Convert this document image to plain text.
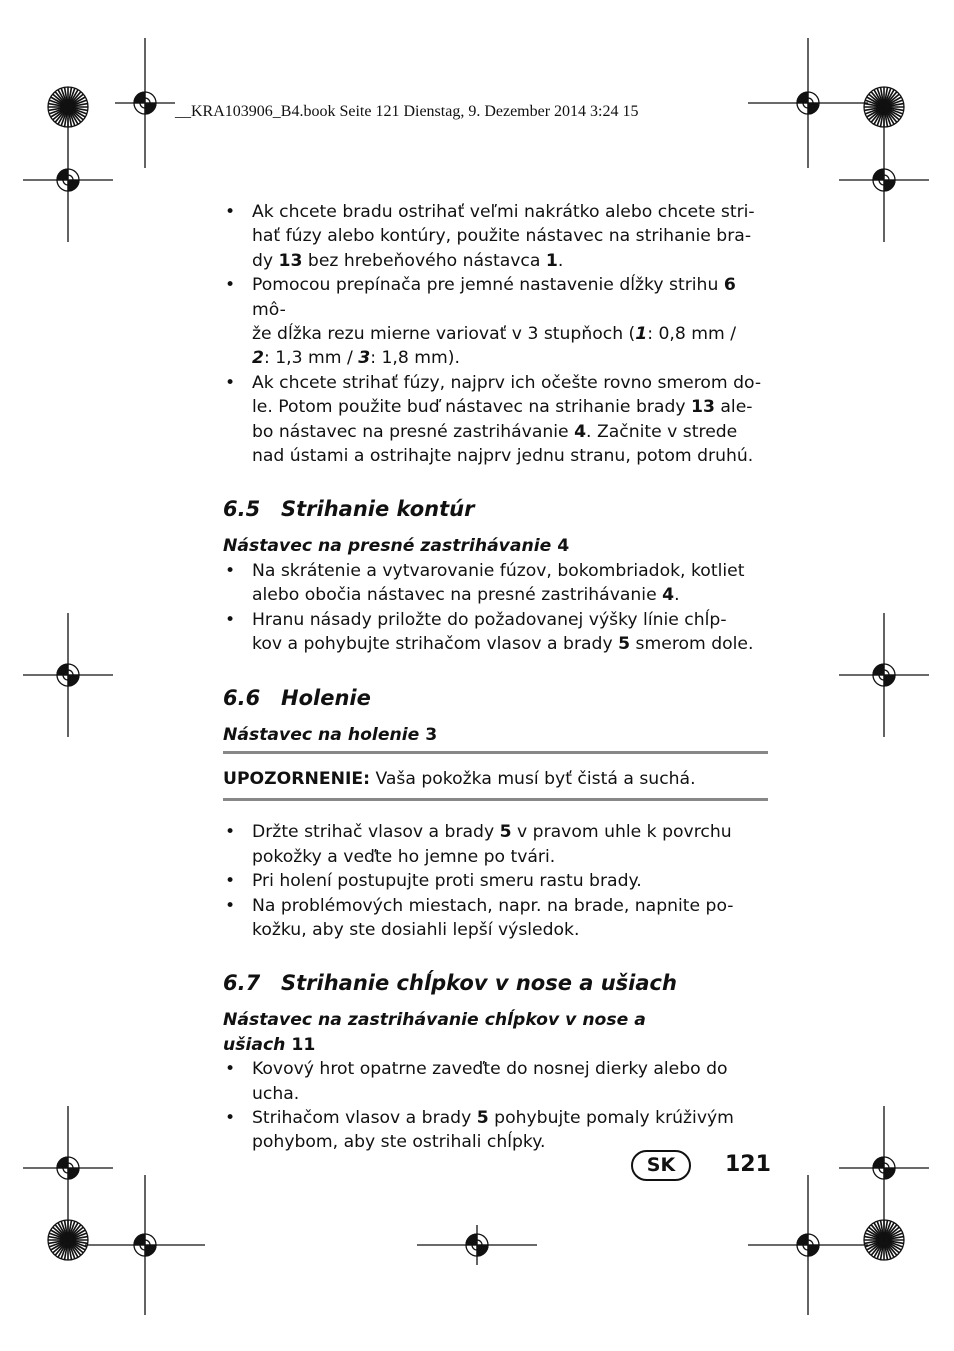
__KRA103906_B4.book Seite 121 Dienstag, 9. Dezember 2014 3:24 15
• Ak chcete bradu ostrihať veľmi nakrátko alebo chcete stri-
hať fúzy alebo kontúry, použite nástavec na strihanie bra-
dy 13 bez hrebeňového nástavca 1.
• Pomocou prepínača pre jemné nastavenie dĺžky strihu 6 mô-
že dĺžka rezu mierne variovať v 3 stupňoch (1: 0,8 mm /
2: 1,3 mm / 3: 1,8 mm).
• Ak chcete strihať fúzy, najprv ich očešte rovno smerom do-
le. Potom použite buď nástavec na strihanie brady 13 ale-
bo nástavec na presné zastrihávanie 4. Začnite v strede
nad ústami a ostrihajte najprv jednu stranu, potom druhú.
6.5 Strihanie kontúr
Nástavec na presné zastrihávanie 4
• Na skrátenie a vytvarovanie fúzov, bokombriadok, kotliet
alebo obočia nástavec na presné zastrihávanie 4.
• Hranu násady priložte do požadovanej výšky línie chĺp-
kov a pohybujte strihačom vlasov a brady 5 smerom dole.
6.6 Holenie
Nástavec na holenie 3
UPOZORNENIE: Vaša pokožka musí byť čistá a suchá.
• Držte strihač vlasov a brady 5 v pravom uhle k povrchu
pokožky a veďte ho jemne po tvári.
• Pri holení postupujte proti smeru rastu brady.
• Na problémových miestach, napr. na brade, napnite po-
kožku, aby ste dosiahli lepší výsledok.
6.7 Strihanie chĺpkov v nose a ušiach
Nástavec na zastrihávanie chĺpkov v nose a
ušiach 11
• Kovový hrot opatrne zaveďte do nosnej dierky alebo do ucha.
• Strihačom vlasov a brady 5 pohybujte pomaly krúživým
pohybom, aby ste ostrihali chĺpky.
SK	121
